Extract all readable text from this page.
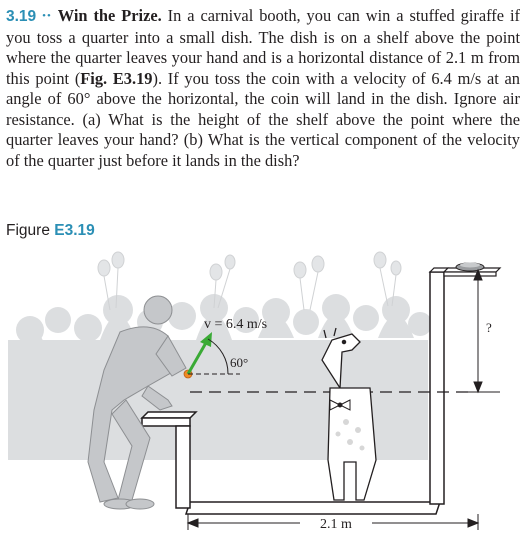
3.19 •• Win the Prize. In a carnival booth, you can win a stuffed giraffe if you toss a quarter into a small dish. The dish is on a shelf above the point where the quarter leaves your hand and is a horizontal distance of 2.1 m from this point (Fig. E3.19). If you toss the coin with a velocity of 6.4 m/s at an angle of 60° above the horizontal, the coin will land in the dish. Ignore air resistance. (a) What is the height of the shelf above the point where the quarter leaves your hand? (b) What is the vertical component of the velocity of the quarter just before it lands in the dish?
Figure E3.19
?
v = 6.4 m/s
60°
2.1 m
